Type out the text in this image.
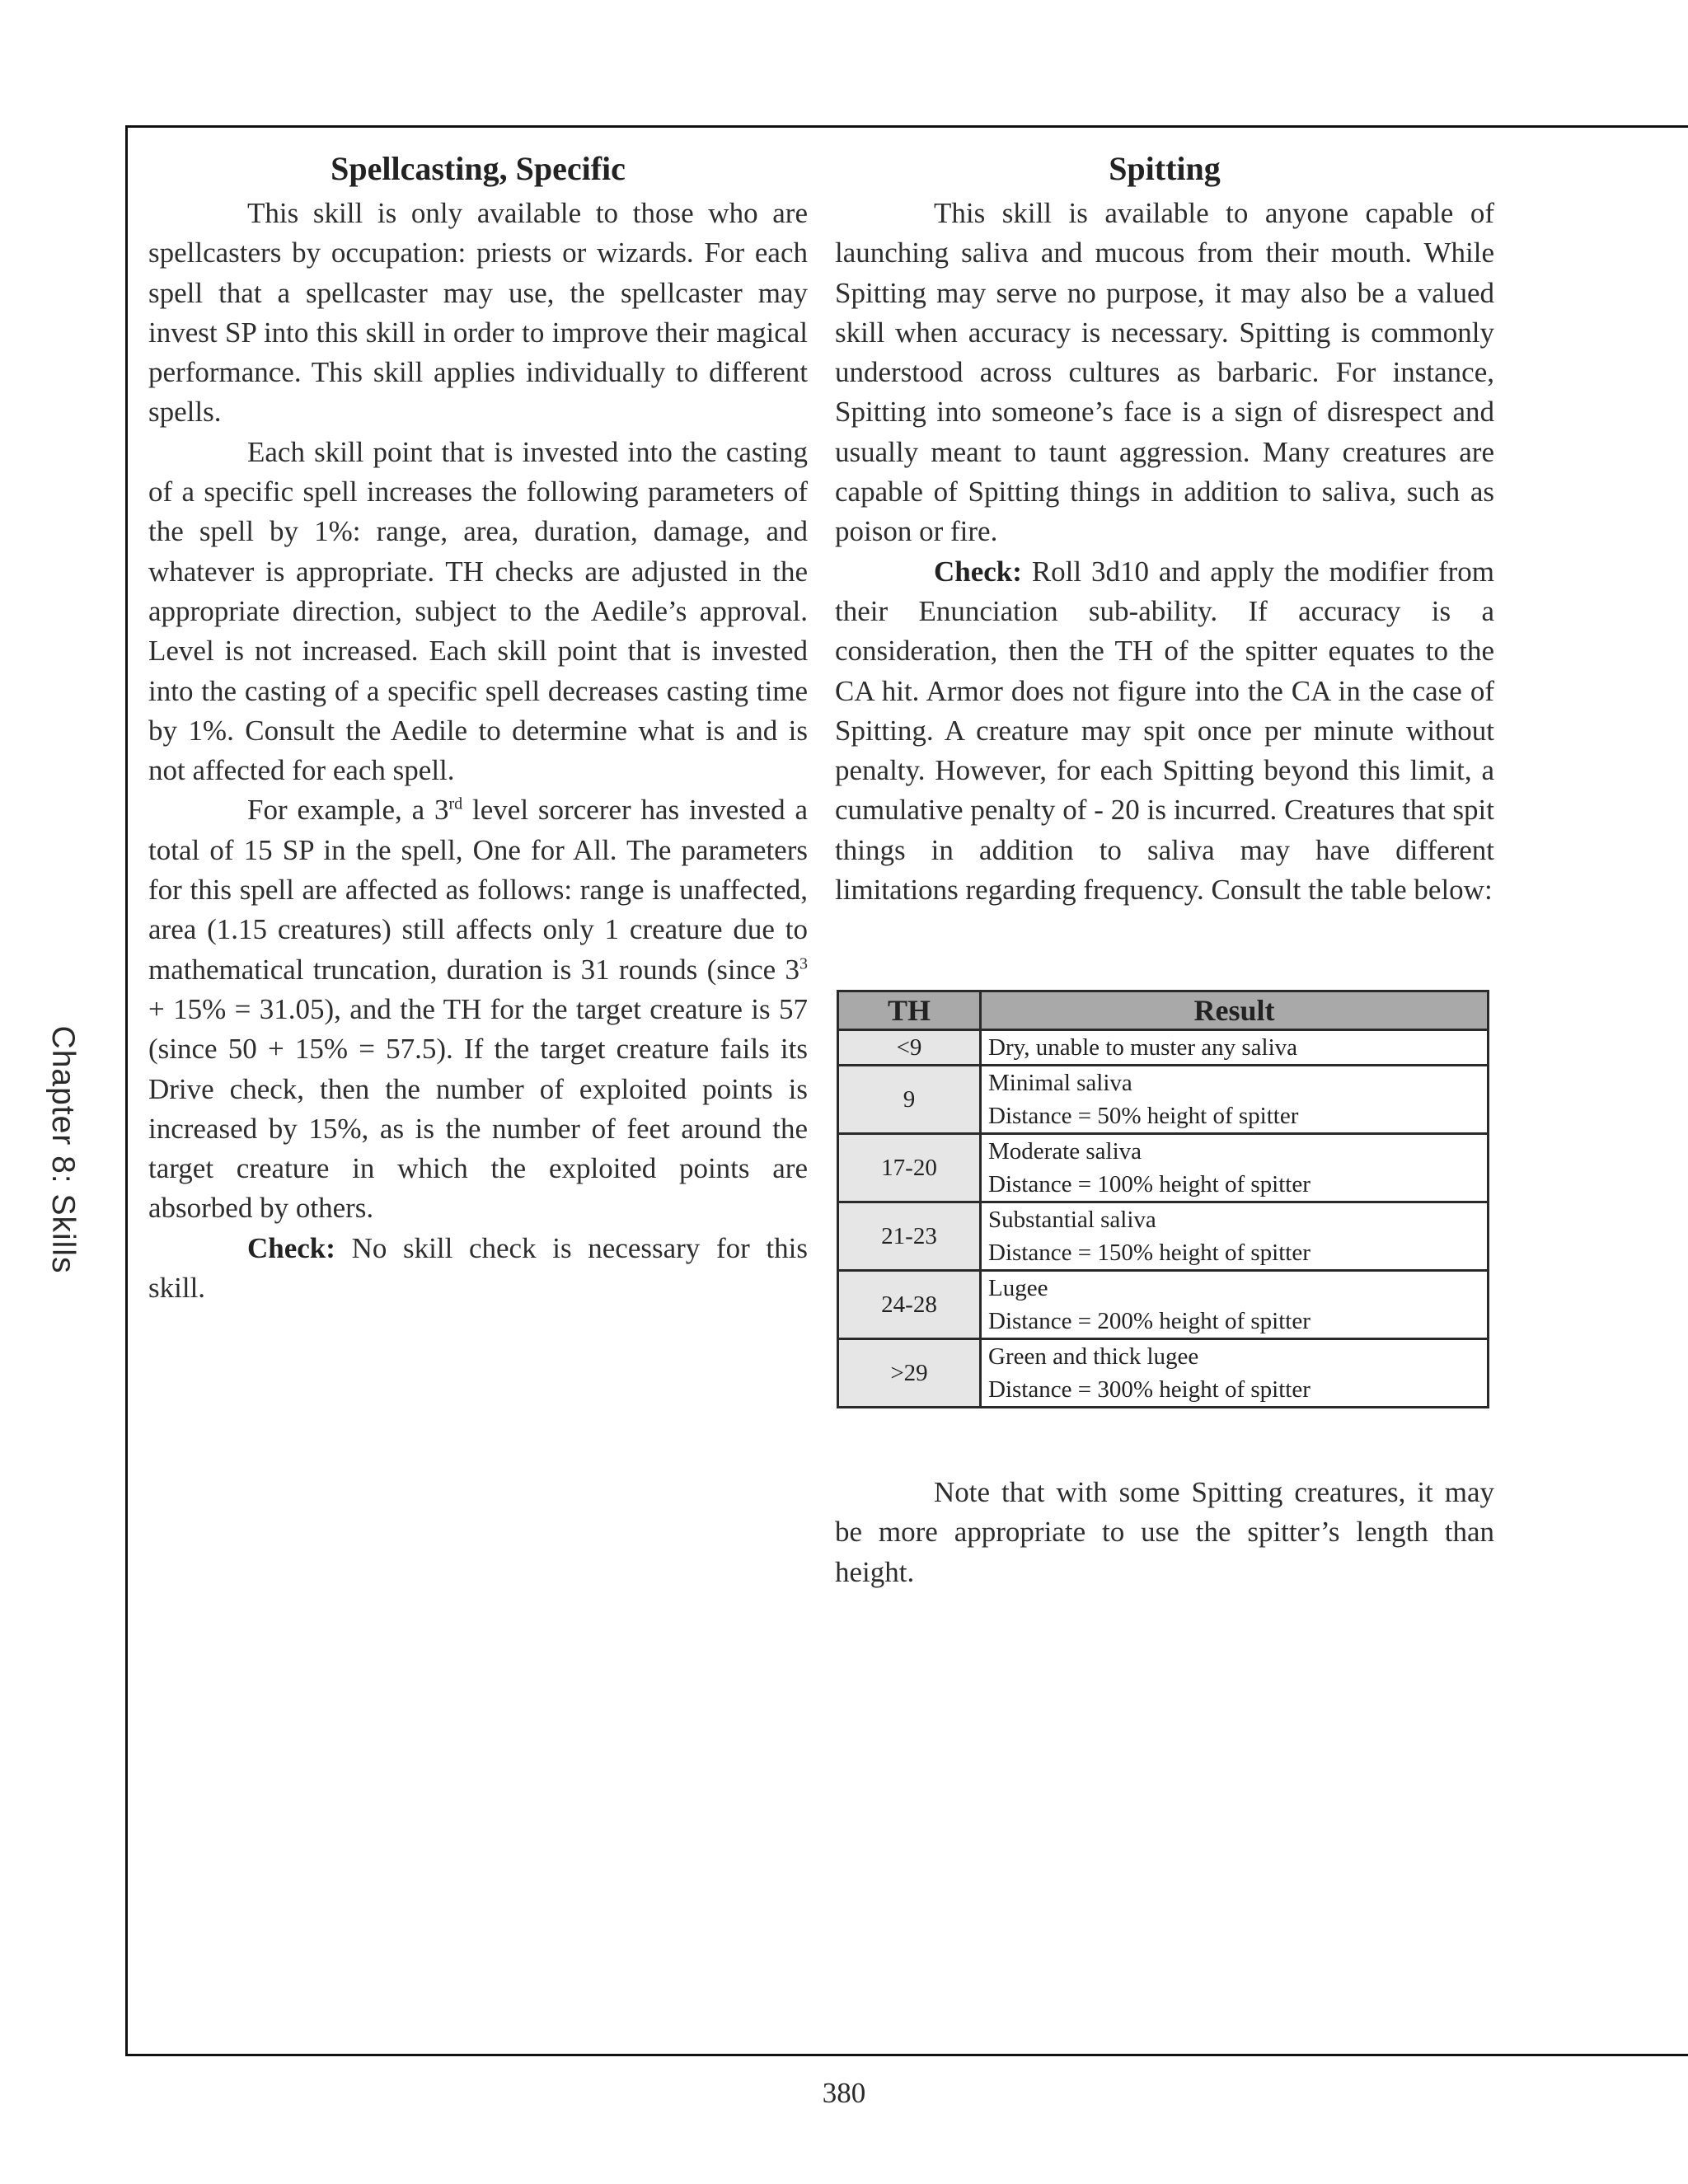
Chapter 8: Skills
Spellcasting, Specific

This skill is only available to those who are spellcasters by occupation: priests or wizards. For each spell that a spellcaster may use, the spellcaster may invest SP into this skill in order to improve their magical performance. This skill applies individually to different spells.

Each skill point that is invested into the casting of a specific spell increases the following parameters of the spell by 1%: range, area, duration, damage, and whatever is appropriate. TH checks are adjusted in the appropriate direction, subject to the Aedile’s approval. Level is not increased. Each skill point that is invested into the casting of a specific spell decreases casting time by 1%. Consult the Aedile to determine what is and is not affected for each spell.

For example, a 3rd level sorcerer has invested a total of 15 SP in the spell, One for All. The parameters for this spell are affected as follows: range is unaffected, area (1.15 creatures) still affects only 1 creature due to mathematical truncation, duration is 31 rounds (since $3^3 + 15\% = 31.05$), and the TH for the target creature is 57 (since 50 + 15% = 57.5). If the target creature fails its Drive check, then the number of exploited points is increased by 15%, as is the number of feet around the target creature in which the exploited points are absorbed by others.

Check: No skill check is necessary for this skill.

Spitting

This skill is available to anyone capable of launching saliva and mucous from their mouth. While Spitting may serve no purpose, it may also be a valued skill when accuracy is necessary. Spitting is commonly understood across cultures as barbaric. For instance, Spitting into someone’s face is a sign of disrespect and usually meant to taunt aggression. Many creatures are capable of Spitting things in addition to saliva, such as poison or fire.

Check: Roll 3d10 and apply the modifier from their Enunciation sub-ability. If accuracy is a consideration, then the TH of the spitter equates to the CA hit. Armor does not figure into the CA in the case of Spitting. A creature may spit once per minute without penalty. However, for each Spitting beyond this limit, a cumulative penalty of - 20 is incurred. Creatures that spit things in addition to saliva may have different limitations regarding frequency. Consult the table below:

TH	Result
<9	Dry, unable to muster any saliva

9	Minimal saliva
Distance = 50% height of spitter

17-20	Moderate saliva
Distance = 100% height of spitter

21-23	Substantial saliva
Distance = 150% height of spitter

24-28	Lugee
Distance = 200% height of spitter

>29	Green and thick lugee
Distance = 300% height of spitter

Note that with some Spitting creatures, it may be more appropriate to use the spitter’s length than height.

380
